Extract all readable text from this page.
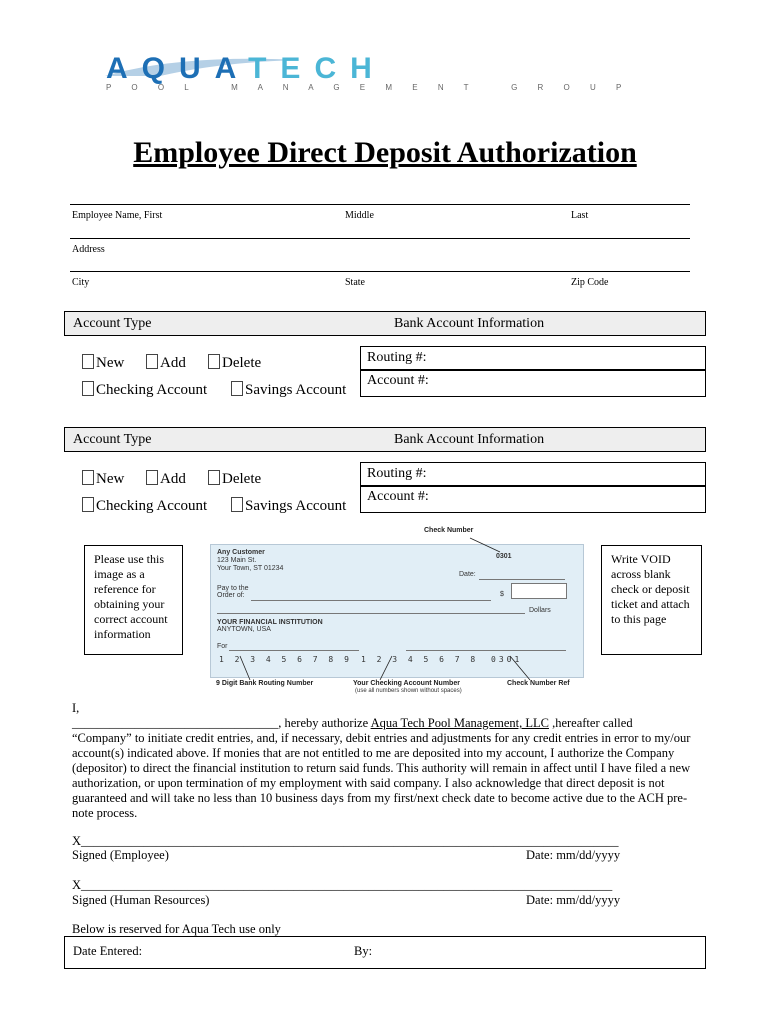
AQUATECH
P O O L   M A N A G E M E N T   G R O U P
Employee Direct Deposit Authorization
Employee Name, First	Middle	Last
Address
City	State	Zip Code
Account Type	Bank Account Information
New	Add	Delete
Checking Account	Savings Account
Routing #:
Account #:
Account Type	Bank Account Information
New	Add	Delete
Checking Account	Savings Account
Routing #:
Account #:
Please use this image as a reference for obtaining your correct account information
Write VOID across blank check or deposit ticket and attach to this page
Check Number
Any Customer
123 Main St.
Your Town, ST 01234
0301
Date:
Pay to the
Order of:	$
Dollars
YOUR FINANCIAL INSTITUTION
ANYTOWN, USA
For
1 2 3 4 5 6 7 8 9 1 2 3 4 5 6 7 8 0301
9 Digit Bank Routing Number	Your Checking Account Number
(use all numbers shown without spaces)
Check Number Ref

I,

_________________________________, hereby authorize Aqua Tech Pool Management, LLC ,hereafter called

“Company” to initiate credit entries, and, if necessary, debit entries and adjustments for any credit entries in error to my/our account(s) indicated above. If monies that are not entitled to me are deposited into my account, I authorize the Company (depositor) to direct the financial institution to return said funds. This authority will remain in affect until I have filed a new authorization, or upon termination of my employment with said company. I also acknowledge that direct deposit is not guaranteed and will take no less than 10 business days from my first/next check date to become active due to the ACH pre-note process.

X______________________________________________________________________________________
Signed (Employee)	Date: mm/dd/yyyy
X_____________________________________________________________________________________
Signed (Human Resources)	Date: mm/dd/yyyy
Below is reserved for Aqua Tech use only
Date Entered:	By:
